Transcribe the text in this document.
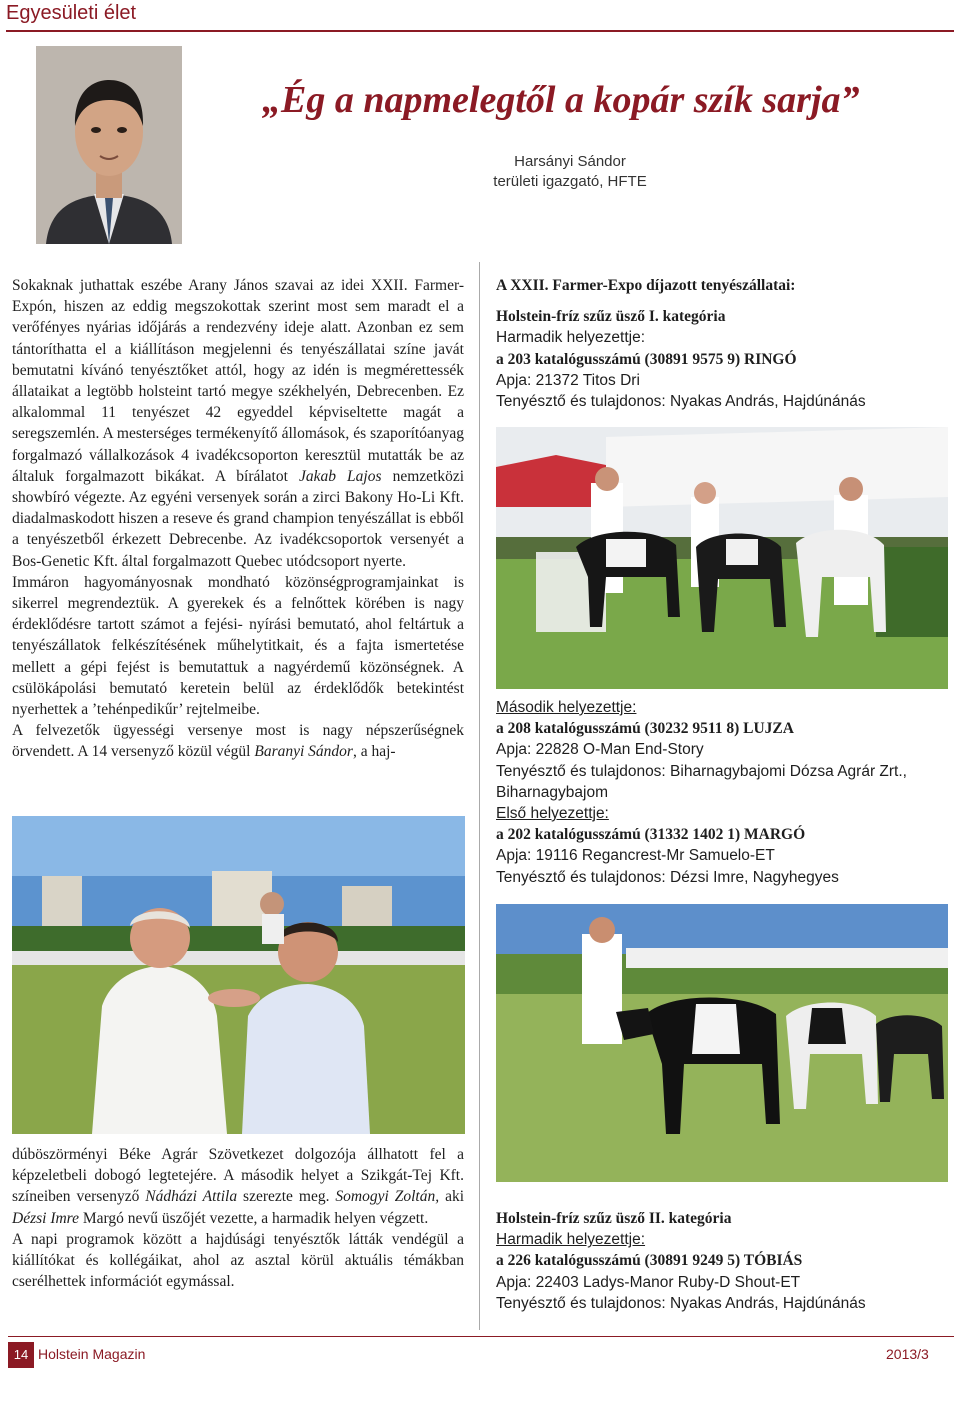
Egyesületi élet
„Ég a napmelegtől a kopár szík sarja”
Harsányi Sándor
területi igazgató, HFTE

Sokaknak juthattak eszébe Arany János szavai az idei XXII. Farmer-Expón, hiszen az eddig megszokottak szerint most sem maradt el a verőfényes nyárias időjárás a rendezvény ideje alatt. Azonban ez sem tántoríthatta el a kiállításon megjelenni és tenyészállatai színe javát bemutatni kívánó tenyésztőket attól, hogy az idén is megmérettessék állataikat a legtöbb holsteint tartó megye székhelyén, Debrecenben. Ez alkalommal 11 tenyészet 42 egyeddel képviseltette magát a seregszemlén. A mesterséges termékenyítő állomások, és szaporítóanyag forgalmazó vállalkozások 4 ivadékcsoporton keresztül mutatták be az általuk forgalmazott bikákat. A bírálatot Jakab Lajos nemzetközi showbíró végezte. Az egyéni versenyek során a zirci Bakony Ho-Li Kft. diadalmaskodott hiszen a reseve és grand champion tenyészállat is ebből a tenyészetből érkezett Debrecenbe. Az ivadékcsoportok versenyét a Bos-Genetic Kft. által forgalmazott Quebec utódcsoport nyerte.

Immáron hagyományosnak mondható közönségprogramjainkat is sikerrel megrendeztük. A gyerekek és a felnőttek körében is nagy érdeklődésre tartott számot a fejési- nyírási bemutató, ahol feltártuk a tenyészállatok felkészítésének műhelytitkait, és a fajta ismertetése mellett a gépi fejést is bemutattuk a nagyérdemű közönségnek. A csülökápolási bemutató keretein belül az érdeklődők betekintést nyerhettek a ’tehénpedikűr’ rejtelmeibe.

A felvezetők ügyességi versenye most is nagy népszerűségnek örvendett. A 14 versenyző közül végül Baranyi Sándor, a haj-

dúböszörményi Béke Agrár Szövetkezet dolgozója állhatott fel a képzeletbeli dobogó legtetejére. A második helyet a Szikgát-Tej Kft. színeiben versenyző Nádházi Attila szerezte meg. Somogyi Zoltán, aki Dézsi Imre Margó nevű üszőjét vezette, a harmadik helyen végzett.

A napi programok között a hajdúsági tenyésztők látták vendégül a kiállítókat és kollégáikat, ahol az asztal körül aktuális témákban cserélhettek információt egymással.

A XXII. Farmer-Expo díjazott tenyészállatai:

Holstein-fríz szűz üsző I. kategória

Harmadik helyezettje:

a 203 katalógusszámú (30891 9575 9) RINGÓ

Apja: 21372 Titos Dri

Tenyésztő és tulajdonos: Nyakas András, Hajdúnánás

Második helyezettje:

a 208 katalógusszámú (30232 9511 8) LUJZA

Apja: 22828 O-Man End-Story

Tenyésztő és tulajdonos: Biharnagybajomi Dózsa Agrár Zrt., Biharnagybajom

Első helyezettje:

a 202 katalógusszámú (31332 1402 1) MARGÓ

Apja: 19116 Regancrest-Mr Samuelo-ET

Tenyésztő és tulajdonos: Dézsi Imre, Nagyhegyes

Holstein-fríz szűz üsző II. kategória

Harmadik helyezettje:

a 226 katalógusszámú (30891 9249 5) TÓBIÁS

Apja: 22403 Ladys-Manor Ruby-D Shout-ET

Tenyésztő és tulajdonos: Nyakas András, Hajdúnánás

14 Holstein Magazin	2013/3
